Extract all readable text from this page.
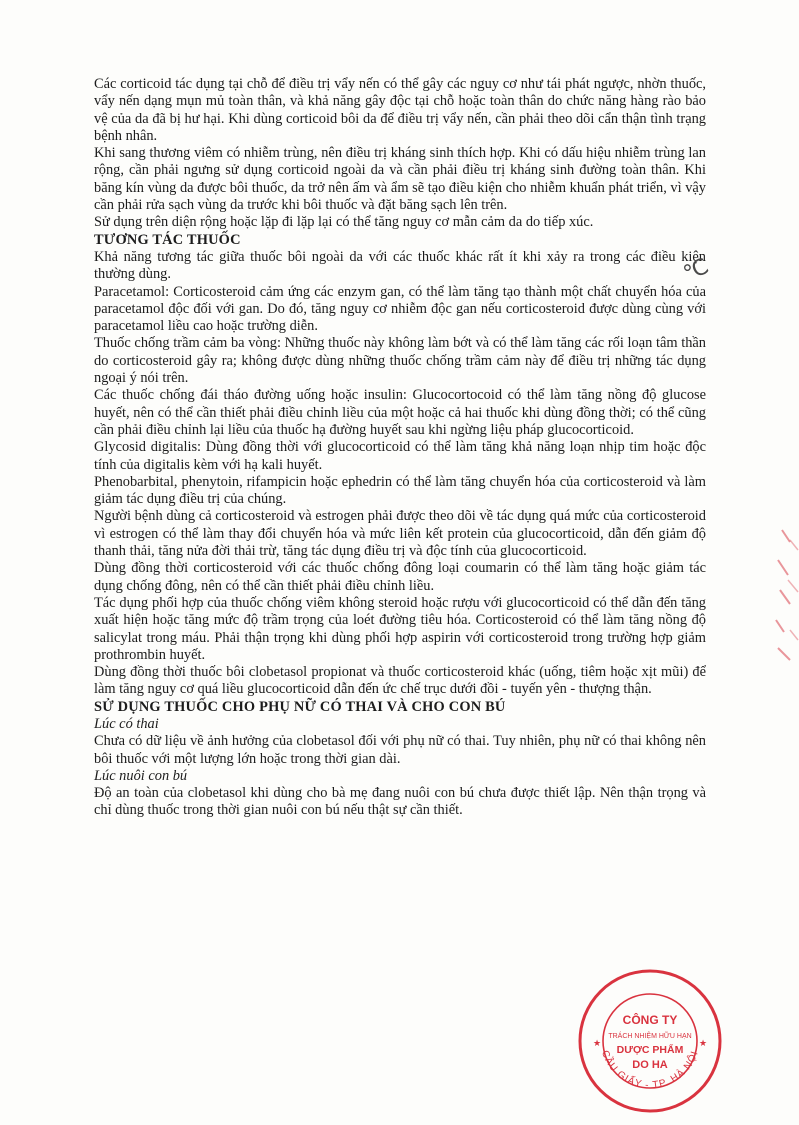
Các corticoid tác dụng tại chỗ để điều trị vẩy nến có thể gây các nguy cơ như tái phát ngược, nhờn thuốc, vẩy nến dạng mụn mủ toàn thân, và khả năng gây độc tại chỗ hoặc toàn thân do chức năng hàng rào bảo vệ của da đã bị hư hại. Khi dùng corticoid bôi da để điều trị vẩy nến, cần phải theo dõi cẩn thận tình trạng bệnh nhân.

Khi sang thương viêm có nhiễm trùng, nên điều trị kháng sinh thích hợp. Khi có dấu hiệu nhiễm trùng lan rộng, cần phải ngưng sử dụng corticoid ngoài da và cần phải điều trị kháng sinh đường toàn thân. Khi băng kín vùng da được bôi thuốc, da trở nên ấm và ẩm sẽ tạo điều kiện cho nhiễm khuẩn phát triển, vì vậy cần phải rửa sạch vùng da trước khi bôi thuốc và đặt băng sạch lên trên.

Sử dụng trên diện rộng hoặc lặp đi lặp lại có thể tăng nguy cơ mẫn cảm da do tiếp xúc.

TƯƠNG TÁC THUỐC

Khả năng tương tác giữa thuốc bôi ngoài da với các thuốc khác rất ít khi xảy ra trong các điều kiện thường dùng.

Paracetamol: Corticosteroid cảm ứng các enzym gan, có thể làm tăng tạo thành một chất chuyển hóa của paracetamol độc đối với gan. Do đó, tăng nguy cơ nhiễm độc gan nếu corticosteroid được dùng cùng với paracetamol liều cao hoặc trường diễn.

Thuốc chống trầm cảm ba vòng: Những thuốc này không làm bớt và có thể làm tăng các rối loạn tâm thần do corticosteroid gây ra; không được dùng những thuốc chống trầm cảm này để điều trị những tác dụng ngoại ý nói trên.

Các thuốc chống đái tháo đường uống hoặc insulin: Glucocortocoid có thể làm tăng nồng độ glucose huyết, nên có thể cần thiết phải điều chỉnh liều của một hoặc cả hai thuốc khi dùng đồng thời; có thể cũng cần phải điều chỉnh lại liều của thuốc hạ đường huyết sau khi ngừng liệu pháp glucocorticoid.

Glycosid digitalis: Dùng đồng thời với glucocorticoid có thể làm tăng khả năng loạn nhịp tim hoặc độc tính của digitalis kèm với hạ kali huyết.

Phenobarbital, phenytoin, rifampicin hoặc ephedrin có thể làm tăng chuyển hóa của corticosteroid và làm giảm tác dụng điều trị của chúng.

Người bệnh dùng cả corticosteroid và estrogen phải được theo dõi về tác dụng quá mức của corticosteroid vì estrogen có thể làm thay đổi chuyển hóa và mức liên kết protein của glucocorticoid, dẫn đến giảm độ thanh thải, tăng nửa đời thải trừ, tăng tác dụng điều trị và độc tính của glucocorticoid.

Dùng đồng thời corticosteroid với các thuốc chống đông loại coumarin có thể làm tăng hoặc giảm tác dụng chống đông, nên có thể cần thiết phải điều chỉnh liều.

Tác dụng phối hợp của thuốc chống viêm không steroid hoặc rượu với glucocorticoid có thể dẫn đến tăng xuất hiện hoặc tăng mức độ trầm trọng của loét đường tiêu hóa. Corticosteroid có thể làm tăng nồng độ salicylat trong máu. Phải thận trọng khi dùng phối hợp aspirin với corticosteroid trong trường hợp giảm prothrombin huyết.

Dùng đồng thời thuốc bôi clobetasol propionat và thuốc corticosteroid khác (uống, tiêm hoặc xịt mũi) để làm tăng nguy cơ quá liều glucocorticoid dẫn đến ức chế trục dưới đồi - tuyến yên - thượng thận.

SỬ DỤNG THUỐC CHO PHỤ NỮ CÓ THAI VÀ CHO CON BÚ

Lúc có thai

Chưa có dữ liệu về ảnh hưởng của clobetasol đối với phụ nữ có thai. Tuy nhiên, phụ nữ có thai không nên bôi thuốc với một lượng lớn hoặc trong thời gian dài.

Lúc nuôi con bú

Độ an toàn của clobetasol khi dùng cho bà mẹ đang nuôi con bú chưa được thiết lập. Nên thận trọng và chỉ dùng thuốc trong thời gian nuôi con bú nếu thật sự cần thiết.

℃
CẦU GIẤY - TP. HÀ NỘI
CÔNG TY
TRÁCH NHIỆM HỮU HẠN
DƯỢC PHẨM
DO HA
★	★
